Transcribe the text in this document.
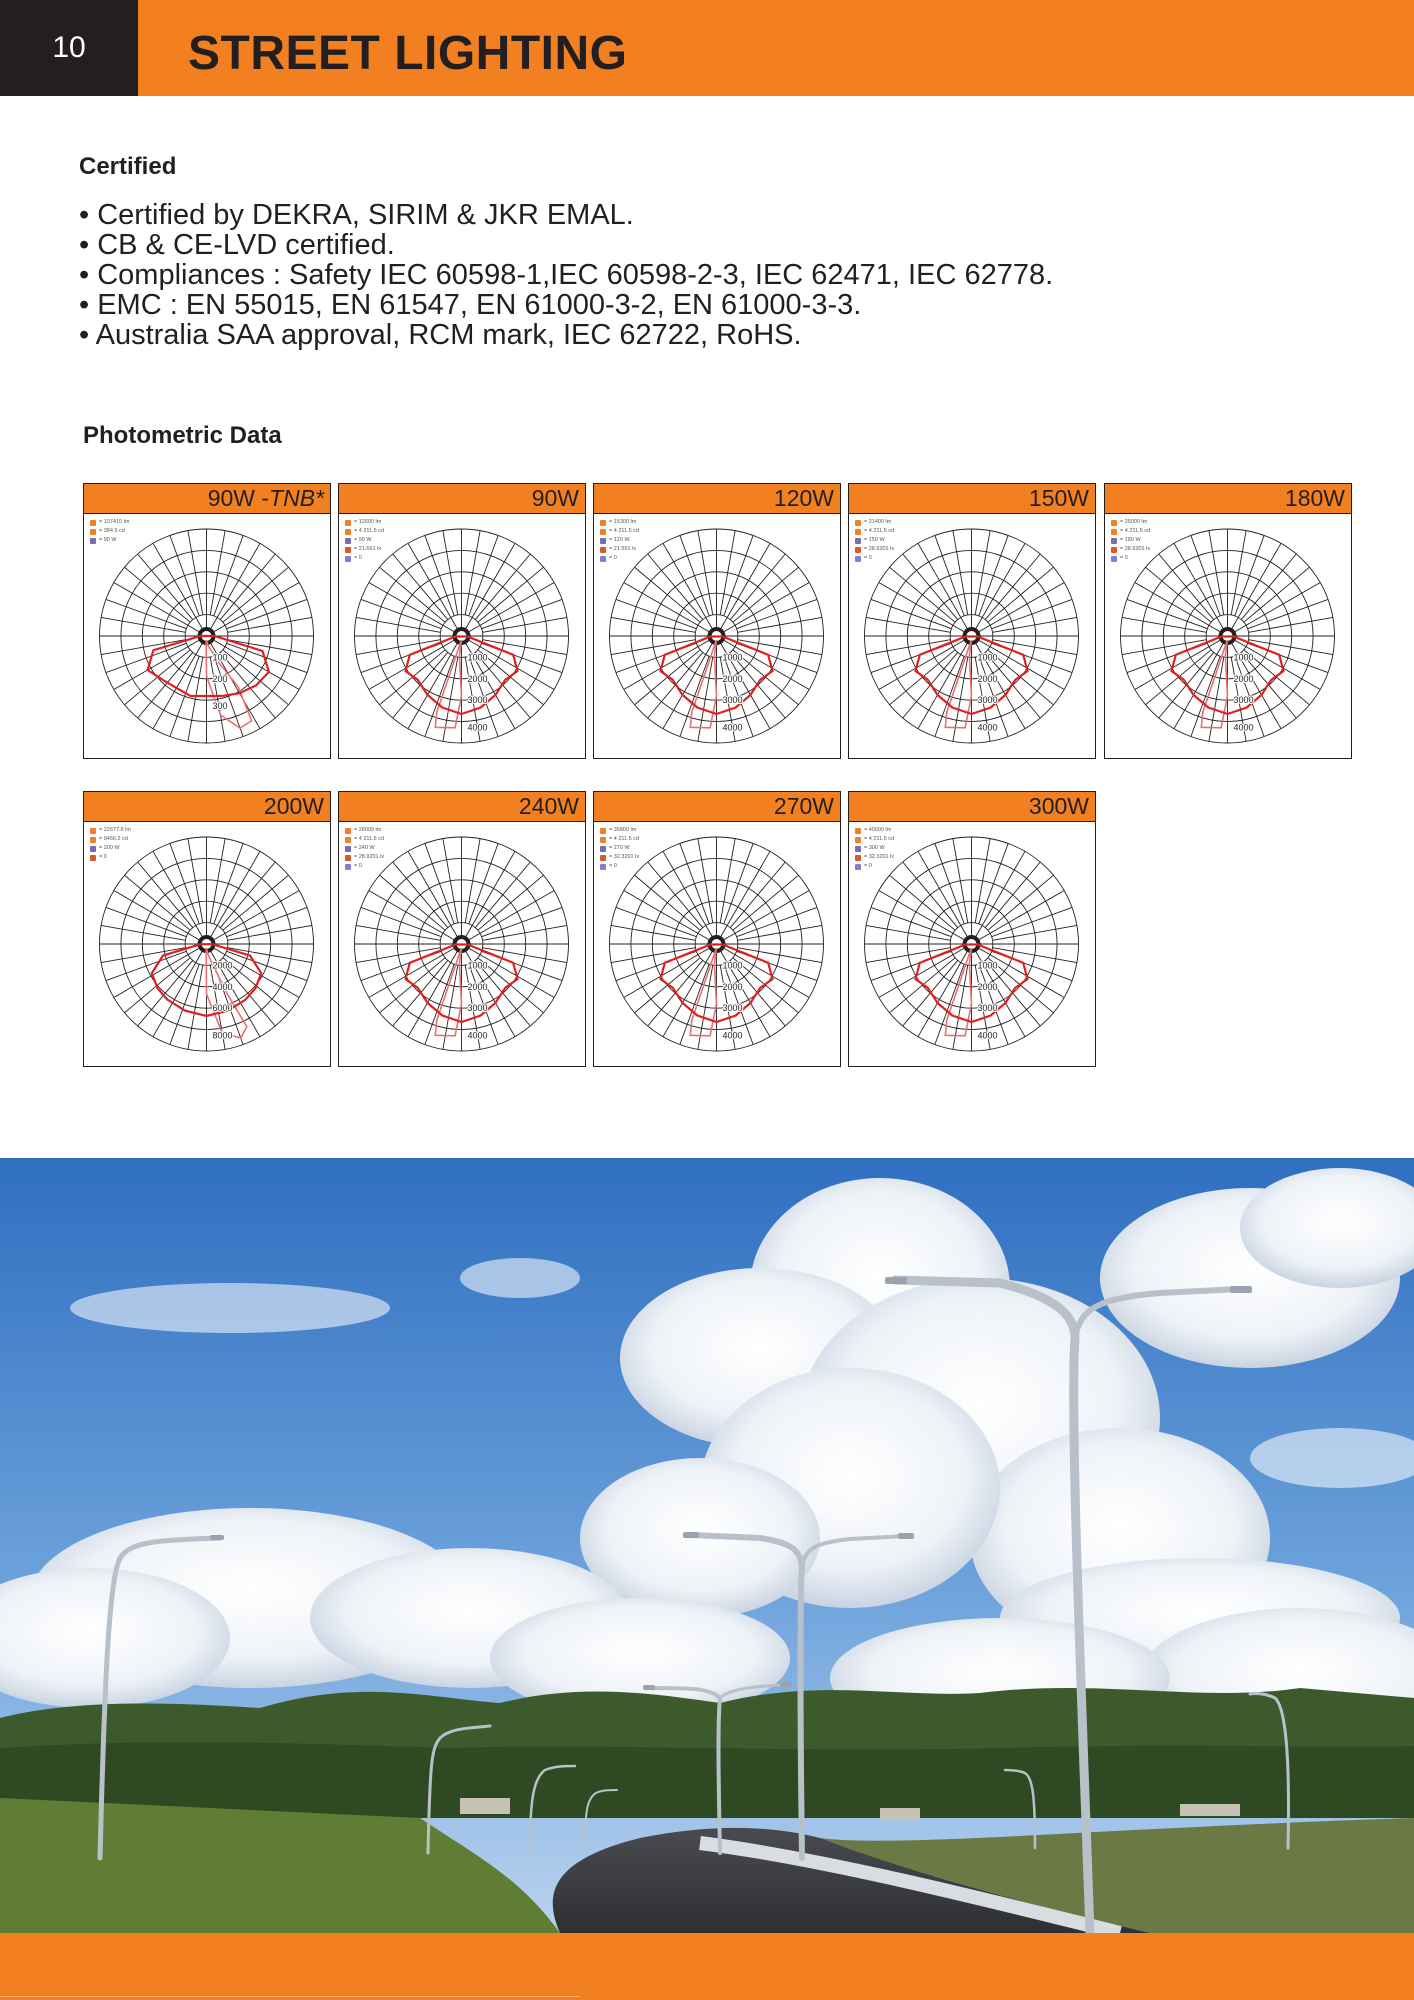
10 STREET LIGHTING
Certified
• Certified by DEKRA, SIRIM & JKR EMAL.
• CB & CE-LVD certified.
• Compliances : Safety IEC 60598-1,IEC 60598-2-3, IEC 62471, IEC 62778.
• EMC : EN 55015, EN 61547, EN 61000-3-2, EN 61000-3-3.
• Australia SAA approval, RCM mark, IEC 62722, RoHS.
Photometric Data
90W - TNB*
100
200
300
= 107410 lm
= 384.5 cd
= 90 W
90W
1000
2000
3000
4000
= 12600 lm
= 4 211.5 cd
= 90 W
= 21.661 lx
= 0
120W
1000
2000
3000
4000
= 15300 lm
= 4 211.5 cd
= 120 W
= 21.551 lx
= 0
150W
1000
2000
3000
4000
= 21400 lm
= 4 211.5 cd
= 150 W
= 28.9201 lx
= 0
180W
1000
2000
3000
4000
= 25000 lm
= 4 211.5 cd
= 180 W
= 28.9201 lx
= 0
200W
2000
4000
6000
8000
= 22677.8 lm
= 9456.2 cd
= 200 W
= 0
240W
1000
2000
3000
4000
= 28000 lm
= 4 211.5 cd
= 240 W
= 28.9201 lx
= 0
270W
1000
2000
3000
4000
= 35800 lm
= 4 211.5 cd
= 270 W
= 32.3201 lx
= 0
300W
1000
2000
3000
4000
= 40000 lm
= 4 211.5 cd
= 300 W
= 32.3201 lx
= 0
